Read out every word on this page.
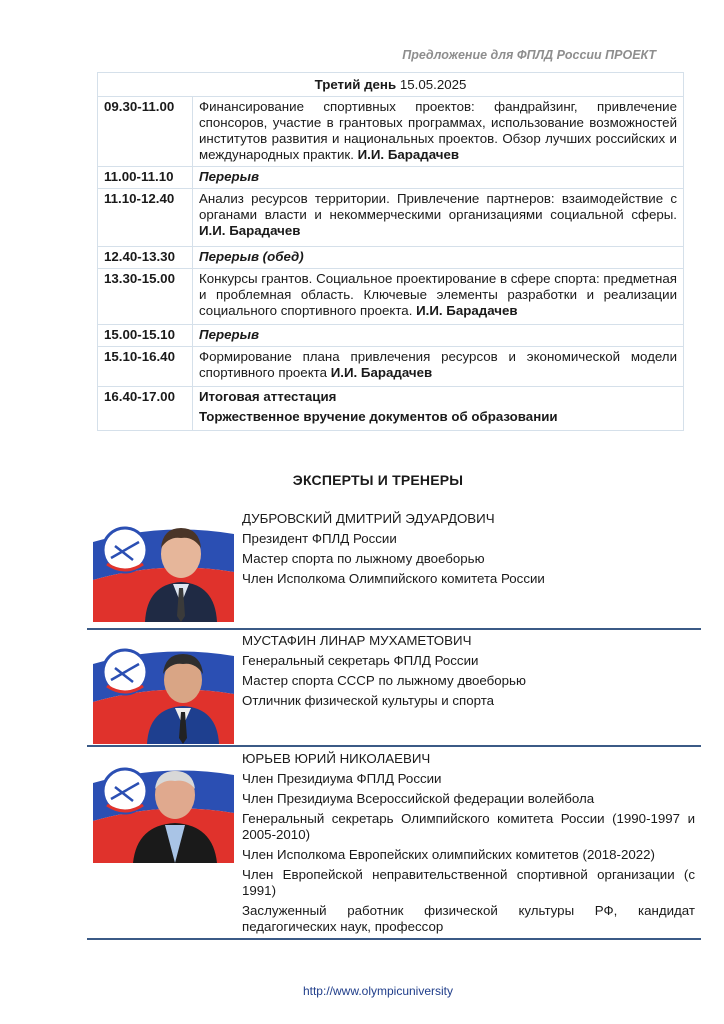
Предложение для ФПЛД России ПРОЕКТ
Третий день 15.05.2025	
09.30-11.00	Финансирование спортивных проектов: фандрайзинг, привлечение спонсоров, участие в грантовых программах, использование возможностей институтов развития и национальных проектов. Обзор лучших российских и международных практик. И.И. Барадачев
11.00-11.10	Перерыв
11.10-12.40	Анализ ресурсов территории. Привлечение партнеров: взаимодействие с органами власти и некоммерческими организациями социальной сферы. И.И. Барадачев
12.40-13.30	Перерыв (обед)
13.30-15.00	Конкурсы грантов. Социальное проектирование в сфере спорта: предметная и проблемная область. Ключевые элементы разработки и реализации социального спортивного проекта. И.И. Барадачев
15.00-15.10	Перерыв
15.10-16.40	Формирование плана привлечения ресурсов и экономической модели спортивного проекта И.И. Барадачев
16.40-17.00	Итоговая аттестация
Торжественное вручение документов об образовании
ЭКСПЕРТЫ И ТРЕНЕРЫ
ДУБРОВСКИЙ ДМИТРИЙ ЭДУАРДОВИЧ
Президент ФПЛД России
Мастер спорта по лыжному двоеборью
Член Исполкома Олимпийского комитета России
МУСТАФИН ЛИНАР МУХАМЕТОВИЧ
Генеральный секретарь ФПЛД России
Мастер спорта СССР по лыжному двоеборью
Отличник физической культуры и спорта
ЮРЬЕВ ЮРИЙ НИКОЛАЕВИЧ
Член Президиума ФПЛД России
Член Президиума Всероссийской федерации волейбола
Генеральный секретарь Олимпийского комитета России (1990-1997 и 2005-2010)
Член Исполкома Европейских олимпийских комитетов (2018-2022)
Член Европейской неправительственной спортивной организации (с 1991)
Заслуженный работник физической культуры РФ, кандидат педагогических наук, профессор
http://www.olympicuniversity
